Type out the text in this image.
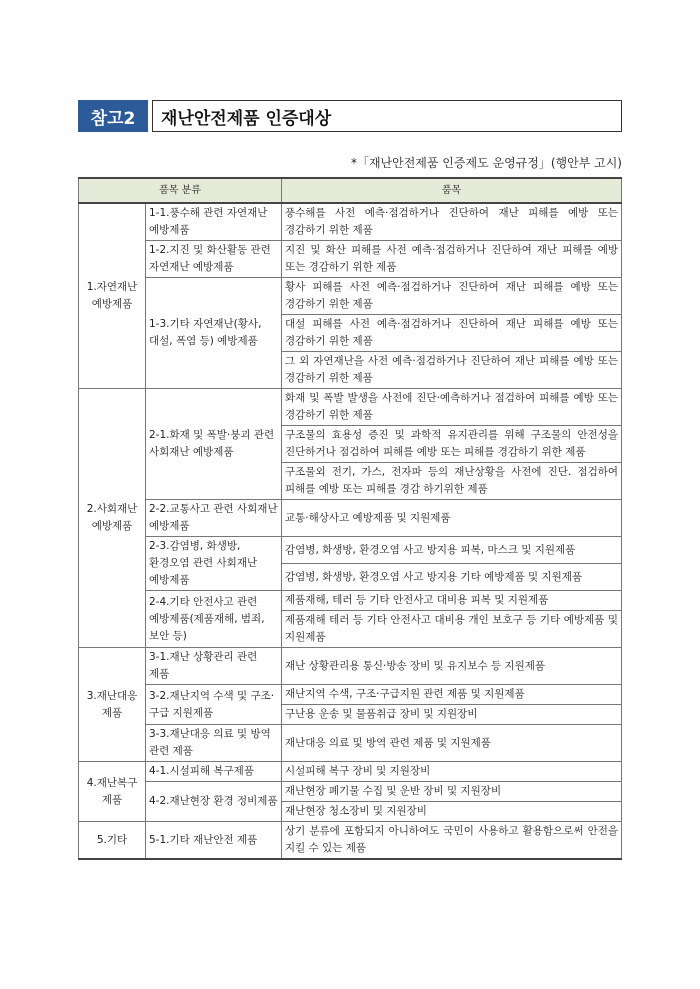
참고2	재난안전제품 인증대상
*「재난안전제품 인증제도 운영규정」(행안부 고시)
품목 분류		품목
1.자연재난 예방제품	1-1.풍수해 관련 자연재난 예방제품	풍수해를 사전 예측·점검하거나 진단하여 재난 피해를 예방 또는 경감하기 위한 제품
	1-2.지진 및 화산활동 관련 자연재난 예방제품	지진 및 화산 피해를 사전 예측·점검하거나 진단하여 재난 피해를 예방 또는 경감하기 위한 제품
	1-3.기타 자연재난(황사, 대설, 폭염 등) 예방제품	황사 피해를 사전 예측·점검하거나 진단하여 재난 피해를 예방 또는 경감하기 위한 제품
		대설 피해를 사전 예측·점검하거나 진단하여 재난 피해를 예방 또는 경감하기 위한 제품
		그 외 자연재난을 사전 예측·점검하거나 진단하여 재난 피해를 예방 또는 경감하기 위한 제품
2.사회재난 예방제품	2-1.화재 및 폭발·붕괴 관련 사회재난 예방제품	화재 및 폭발 발생을 사전에 진단·예측하거나 점검하여 피해를 예방 또는 경감하기 위한 제품
		구조물의 효용성 증진 및 과학적 유지관리를 위해 구조물의 안전성을 진단하거나 점검하여 피해를 예방 또는 피해를 경감하기 위한 제품
		구조물외 전기, 가스, 전자파 등의 재난상황을 사전에 진단. 점검하여 피해를 예방 또는 피해를 경감 하기위한 제품
	2-2.교통사고 관련 사회재난 예방제품	교통·해상사고 예방제품 및 지원제품
	2-3.감염병, 화생방, 환경오염 관련 사회재난 예방제품	감염병, 화생방, 환경오염 사고 방지용 피복, 마스크 및 지원제품
		감염병, 화생방, 환경오염 사고 방지용 기타 예방제품 및 지원제품
	2-4.기타 안전사고 관련 예방제품(제품재해, 범죄, 보안 등)	제품재해, 테러 등 기타 안전사고 대비용 피복 및 지원제품
		제품재해 테러 등 기타 안전사고 대비용 개인 보호구 등 기타 예방제품 및 지원제품
3.재난대응 제품	3-1.재난 상황관리 관련 제품	재난 상황관리용 통신·방송 장비 및 유지보수 등 지원제품
	3-2.재난지역 수색 및 구조·구급 지원제품	재난지역 수색, 구조·구급지원 관련 제품 및 지원제품
		구난용 운송 및 물품취급 장비 및 지원장비
	3-3.재난대응 의료 및 방역 관련 제품	재난대응 의료 및 방역 관련 제품 및 지원제품
4.재난복구 제품	4-1.시설피해 복구제품	시설피해 복구 장비 및 지원장비
	4-2.재난현장 환경 정비제품	재난현장 폐기물 수집 및 운반 장비 및 지원장비
		재난현장 청소장비 및 지원장비
5.기타	5-1.기타 재난안전 제품	상기 분류에 포함되지 아니하여도 국민이 사용하고 활용함으로써 안전을 지킬 수 있는 제품
